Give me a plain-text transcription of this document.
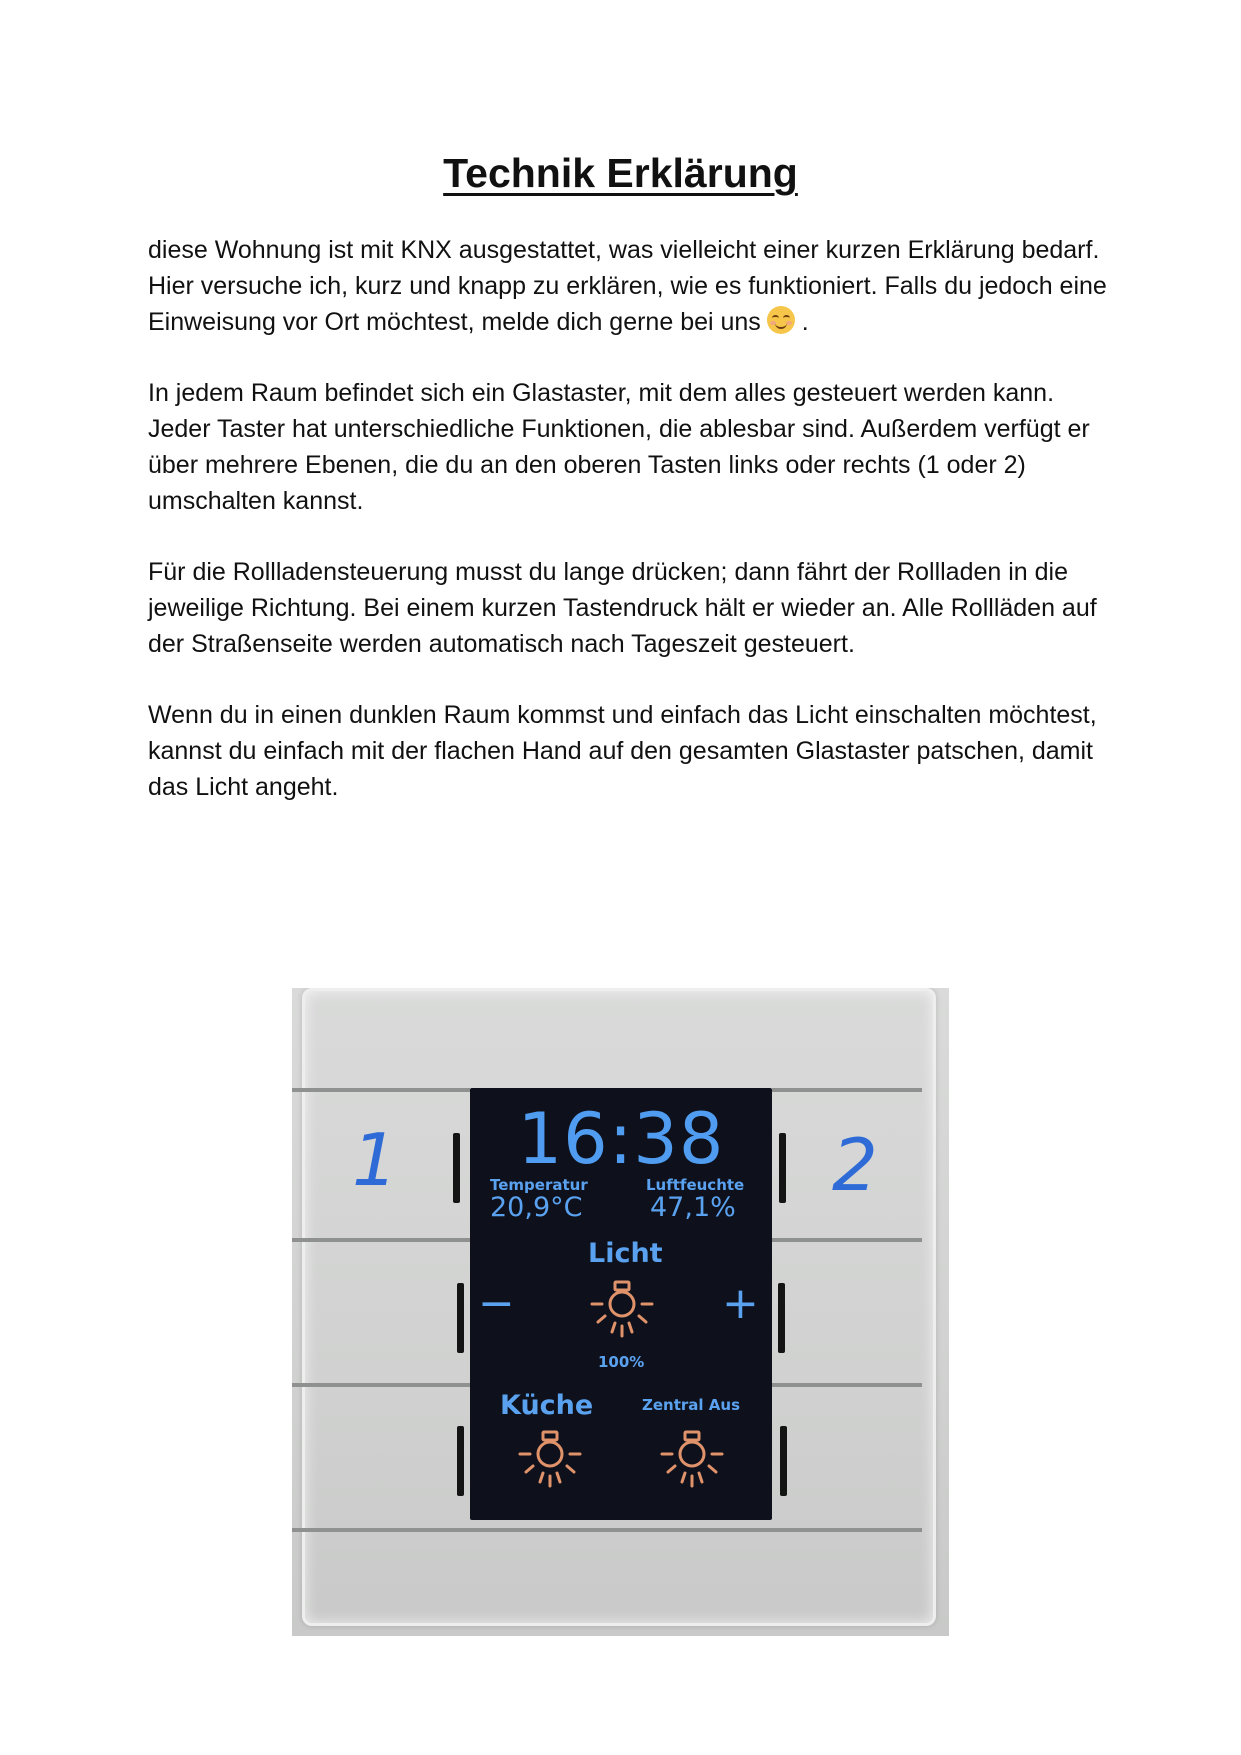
Technik Erklärung

diese Wohnung ist mit KNX ausgestattet, was vielleicht einer kurzen Erklärung bedarf. Hier versuche ich, kurz und knapp zu erklären, wie es funktioniert. Falls du jedoch eine Einweisung vor Ort möchtest, melde dich gerne bei uns .

In jedem Raum befindet sich ein Glastaster, mit dem alles gesteuert werden kann. Jeder Taster hat unterschiedliche Funktionen, die ablesbar sind. Außerdem verfügt er über mehrere Ebenen, die du an den oberen Tasten links oder rechts (1 oder 2) umschalten kannst.

Für die Rollladensteuerung musst du lange drücken; dann fährt der Rollladen in die jeweilige Richtung. Bei einem kurzen Tastendruck hält er wieder an. Alle Rollläden auf der Straßenseite werden automatisch nach Tageszeit gesteuert.

Wenn du in einen dunklen Raum kommst und einfach das Licht einschalten möchtest, kannst du einfach mit der flachen Hand auf den gesamten Glastaster patschen, damit das Licht angeht.

1	2
16:38
Temperatur
20,9°C
Luftfeuchte
47,1%
Licht
−	+
100%
Küche	Zentral Aus
